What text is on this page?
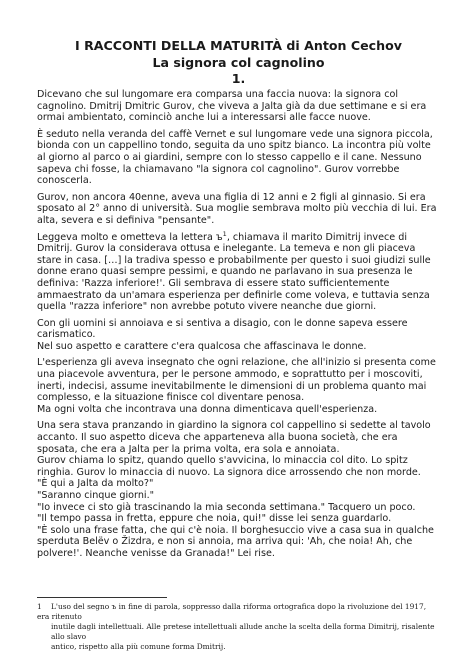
I RACCONTI DELLA MATURITÀ di Anton Cechov
La signora col cagnolino
1.

Dicevano che sul lungomare era comparsa una faccia nuova: la signora col cagnolino. Dmitrij Dmitric Gurov, che viveva a Jalta già da due settimane e si era ormai ambientato, cominciò anche lui a interessarsi alle facce nuove.

È seduto nella veranda del caffè Vernet e sul lungomare vede una signora piccola, bionda con un cappellino tondo, seguita da uno spitz bianco. La incontra più volte al giorno al parco o ai giardini, sempre con lo stesso cappello e il cane. Nessuno sapeva chi fosse, la chiamavano "la signora col cagnolino". Gurov vorrebbe conoscerla.

Gurov, non ancora 40enne, aveva una figlia di 12 anni e 2 figli al ginnasio. Si era sposato al 2° anno di università. Sua moglie sembrava molto più vecchia di lui. Era alta, severa e si definiva "pensante".

Leggeva molto e ometteva la lettera ъ$^1$, chiamava il marito Dimitrij invece di Dmitrij. Gurov la considerava ottusa e inelegante. La temeva e non gli piaceva stare in casa. […] la tradiva spesso e probabilmente per questo i suoi giudizi sulle donne erano quasi sempre pessimi, e quando ne parlavano in sua presenza le definiva: 'Razza inferiore!'. Gli sembrava di essere stato sufficientemente ammaestrato da un'amara esperienza per definirle come voleva, e tuttavia senza quella "razza inferiore" non avrebbe potuto vivere neanche due giorni.

Con gli uomini si annoiava e si sentiva a disagio, con le donne sapeva essere carismatico.

Nel suo aspetto e carattere c'era qualcosa che affascinava le donne.

L'esperienza gli aveva insegnato che ogni relazione, che all'inizio si presenta come una piacevole avventura, per le persone ammodo, e soprattutto per i moscoviti, inerti, indecisi, assume inevitabilmente le dimensioni di un problema quanto mai complesso, e la situazione finisce col diventare penosa.

Ma ogni volta che incontrava una donna dimenticava quell'esperienza.

Una sera stava pranzando in giardino la signora col cappellino si sedette al tavolo accanto. Il suo aspetto diceva che apparteneva alla buona società, che era sposata, che era a Jalta per la prima volta, era sola e annoiata.

Gurov chiama lo spitz, quando quello s'avvicina, lo minaccia col dito. Lo spitz ringhia. Gurov lo minaccia di nuovo. La signora dice arrossendo che non morde.

"È qui a Jalta da molto?"

"Saranno cinque giorni."

"Io invece ci sto già trascinando la mia seconda settimana." Tacquero un poco.

"Il tempo passa in fretta, eppure che noia, qui!" disse lei senza guardarlo.

"È solo una frase fatta, che qui c'è noia. Il borghesuccio vive a casa sua in qualche sperduta Belëv o Žizdra, e non si annoia, ma arriva qui: 'Ah, che noia! Ah, che polvere!'. Neanche venisse da Granada!" Lei rise.

1 L'uso del segno ъ in fine di parola, soppresso dalla riforma ortografica dopo la rivoluzione del 1917, era ritenuto
inutile dagli intellettuali. Alle pretese intellettuali allude anche la scelta della forma Dimitrij, risalente allo slavo
antico, rispetto alla più comune forma Dmitrij.
